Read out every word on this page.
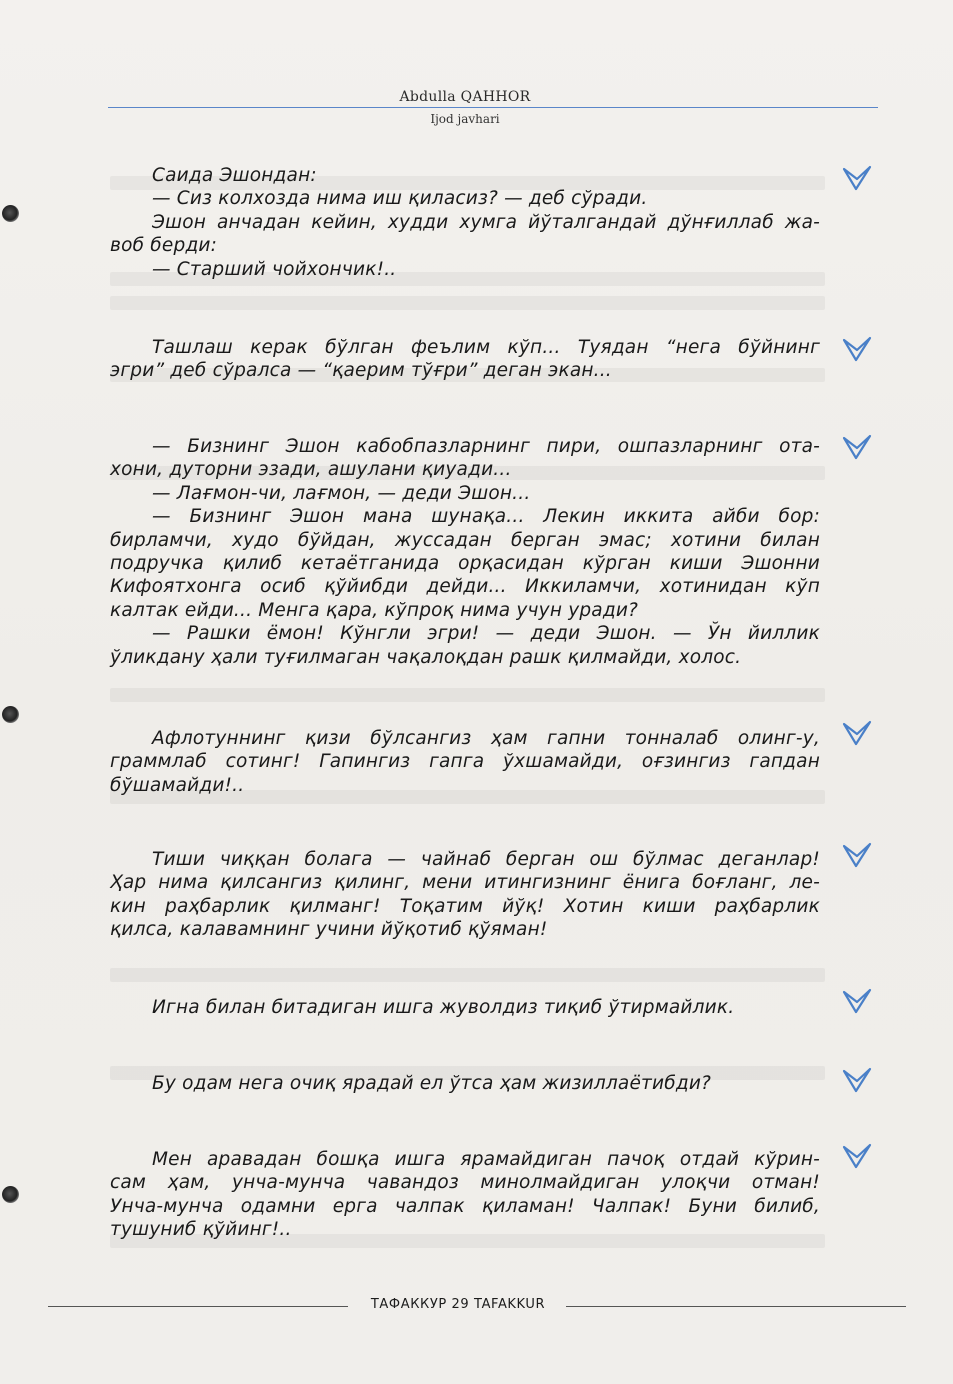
Abdulla QAHHOR
Ijod javhari
Саида Эшондан:
— Сиз колхозда нима иш қиласиз? — деб сўради.
Эшон анчадан кейин, худди хумга йўталгандай дўнғиллаб жа-
воб берди:
— Старший чойхончик!..
Ташлаш керак бўлган феълим кўп... Туядан “нега бўйнинг
эгри” деб сўралса — “қаерим тўғри” деган экан...
— Бизнинг Эшон кабобпазларнинг пири, ошпазларнинг ота-
хони, дуторни эзади, ашулани қиyади...
— Лағмон-чи, лағмон, — деди Эшон...
— Бизнинг Эшон мана шунақа... Лекин иккита айби бор:
бирламчи, худо бўйдан, жуссадан берган эмас; хотини билан
подручка қилиб кетаётганида орқасидан кўрган киши Эшонни
Кифоятхонга осиб қўйибди дейди... Иккиламчи, хотинидан кўп
калтак ейди... Менга қара, кўпроқ нима учун уради?
— Рашки ёмон! Кўнгли эгри! — деди Эшон. — Ўн йиллик
ўликдану ҳали туғилмаган чақалоқдан рашк қилмайди, холос.
Афлотуннинг қизи бўлсангиз ҳам гапни тонналаб олинг-у,
граммлаб сотинг! Гапингиз гапга ўхшамайди, оғзингиз гапдан
бўшамайди!..
Тиши чиққан болага — чайнаб берган ош бўлмас деганлар!
Ҳар нима қилсангиз қилинг, мени итингизнинг ёнига боғланг, ле-
кин раҳбарлик қилманг! Тоқатим йўқ! Хотин киши раҳбарлик
қилса, калавамнинг учини йўқотиб қўяман!
Игна билан битадиган ишга жуволдиз тиқиб ўтирмайлик.
Бу одам нега очиқ ярадай ел ўтса ҳам жизиллаётибди?
Мен аравадан бошқа ишга ярамайдиган пачоқ отдай кўрин-
сам ҳам, унча-мунча чавандоз минолмайдиган улоқчи отман!
Унча-мунча одамни ерга чалпак қиламан! Чалпак! Буни билиб,
тушуниб қўйинг!..
ТАФАККУР 29 TAFAKKUR
